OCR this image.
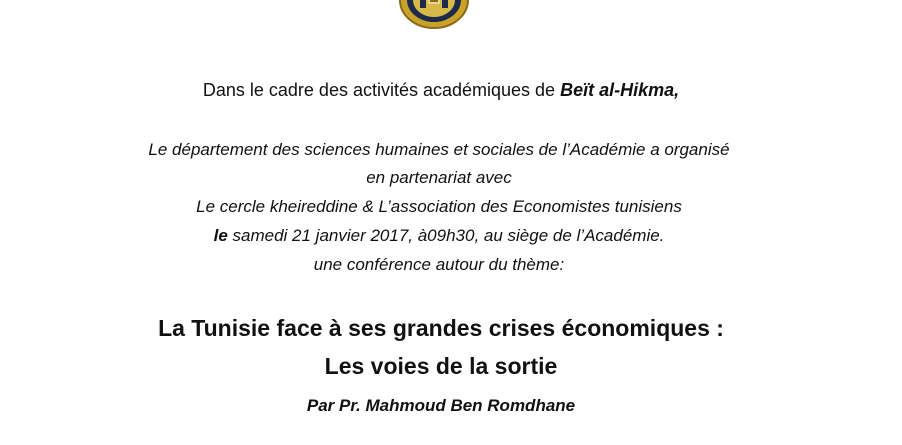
Dans le cadre des activités académiques de Beït al-Hikma,
Le département des sciences humaines et sociales de l’Académie a organisé
en partenariat avec
Le cercle kheireddine & L’association des Economistes tunisiens
le samedi 21 janvier 2017, à09h30, au siège de l’Académie.
une conférence autour du thème:
La Tunisie face à ses grandes crises économiques :
Les voies de la sortie
Par Pr. Mahmoud Ben Romdhane
